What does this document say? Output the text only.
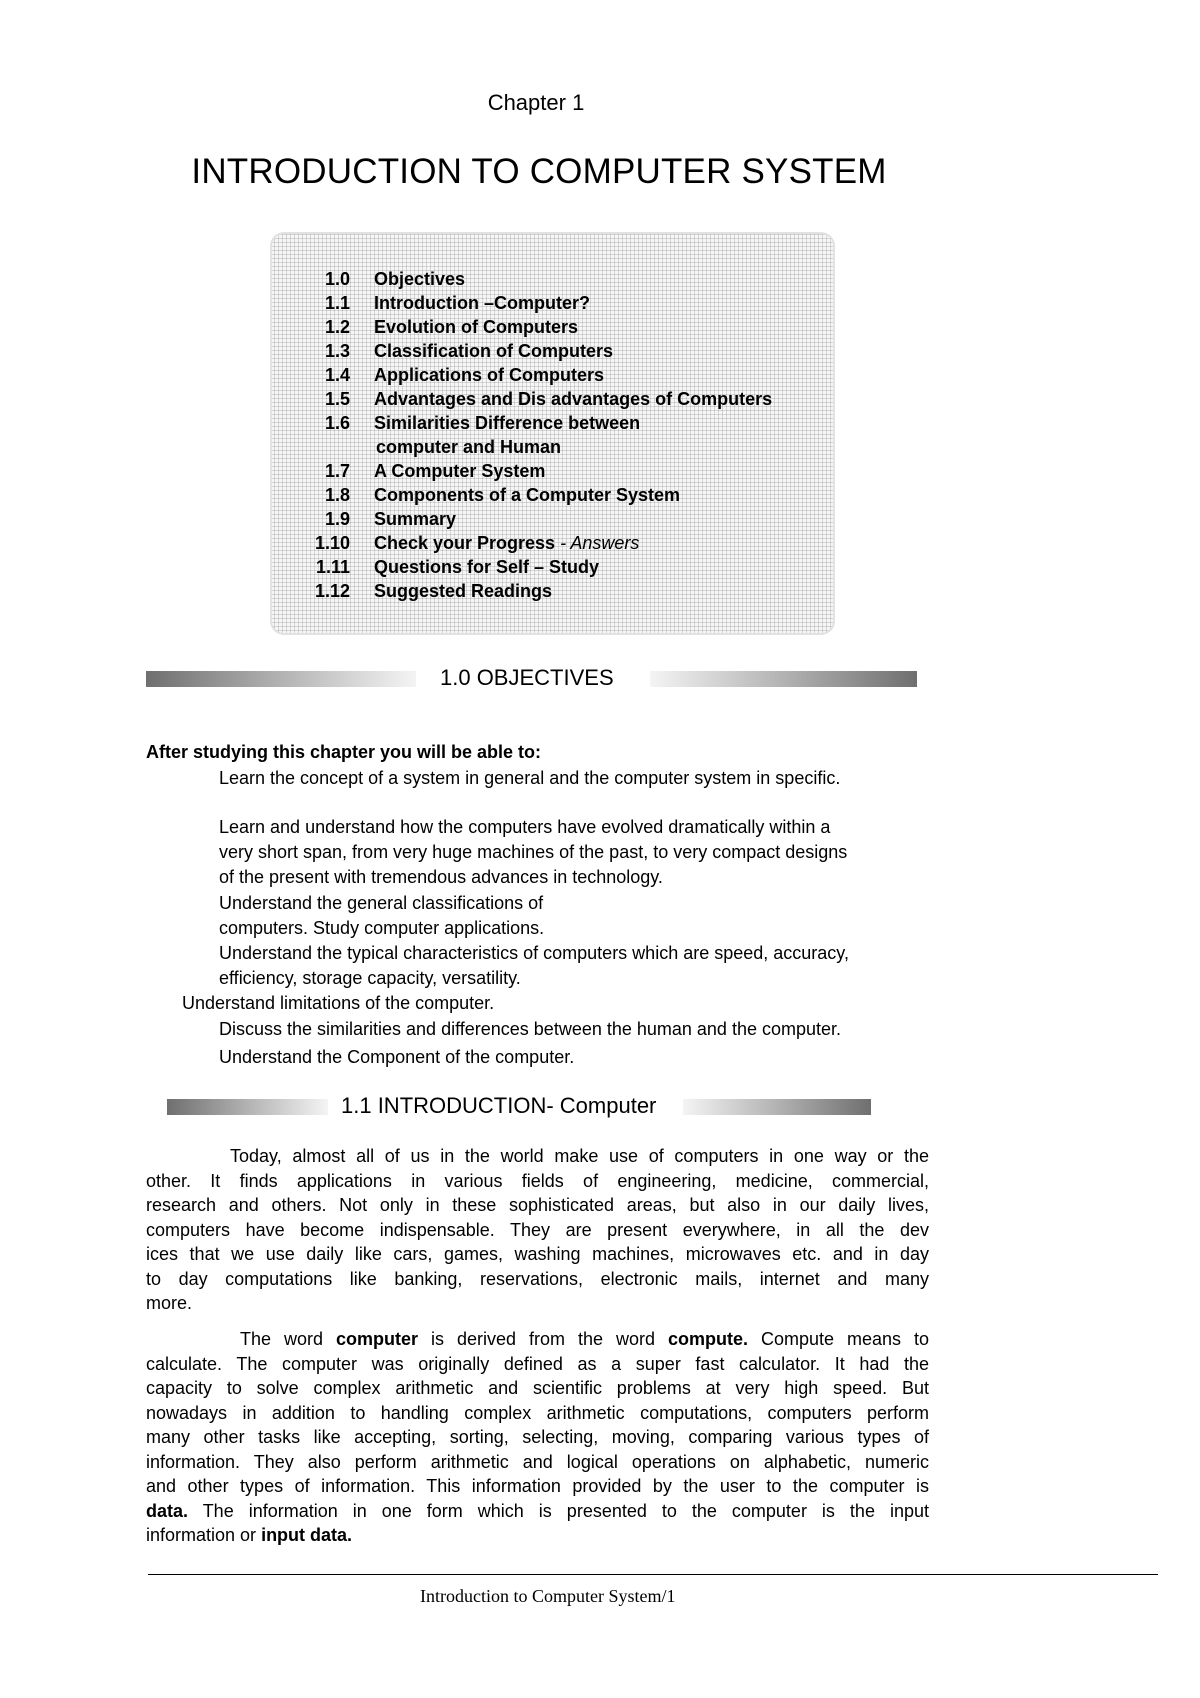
Chapter 1
INTRODUCTION TO COMPUTER SYSTEM
1.0 Objectives
1.1 Introduction –Computer?
1.2 Evolution of Computers
1.3 Classification of Computers
1.4 Applications of Computers
1.5 Advantages and Dis advantages of Computers
1.6 Similarities Difference between
computer and Human
1.7 A Computer System
1.8 Components of a Computer System
1.9 Summary
1.10 Check your Progress - Answers
1.11 Questions for Self – Study
1.12 Suggested Readings
1.0 OBJECTIVES
After studying this chapter you will be able to:
Learn the concept of a system in general and the computer system in specific.
Learn and understand how the computers have evolved dramatically within a
very short span, from very huge machines of the past, to very compact designs
of the present with tremendous advances in technology.
Understand the general classifications of
computers. Study computer applications.
Understand the typical characteristics of computers which are speed, accuracy,
efficiency, storage capacity, versatility.
Understand limitations of the computer.
Discuss the similarities and differences between the human and the computer.
Understand the Component of the computer.
1.1 INTRODUCTION- Computer
Today, almost all of us in the world make use of computers in one way or the
other. It finds applications in various fields of engineering, medicine, commercial,
research and others. Not only in these sophisticated areas, but also in our daily lives,
computers have become indispensable. They are present everywhere, in all the dev
ices that we use daily like cars, games, washing machines, microwaves etc. and in day
to day computations like banking, reservations, electronic mails, internet and many
more.
The word computer is derived from the word compute. Compute means to
calculate. The computer was originally defined as a super fast calculator. It had the
capacity to solve complex arithmetic and scientific problems at very high speed. But
nowadays in addition to handling complex arithmetic computations, computers perform
many other tasks like accepting, sorting, selecting, moving, comparing various types of
information. They also perform arithmetic and logical operations on alphabetic, numeric
and other types of information. This information provided by the user to the computer is
data. The information in one form which is presented to the computer is the input
information or input data.
Introduction to Computer System/1
